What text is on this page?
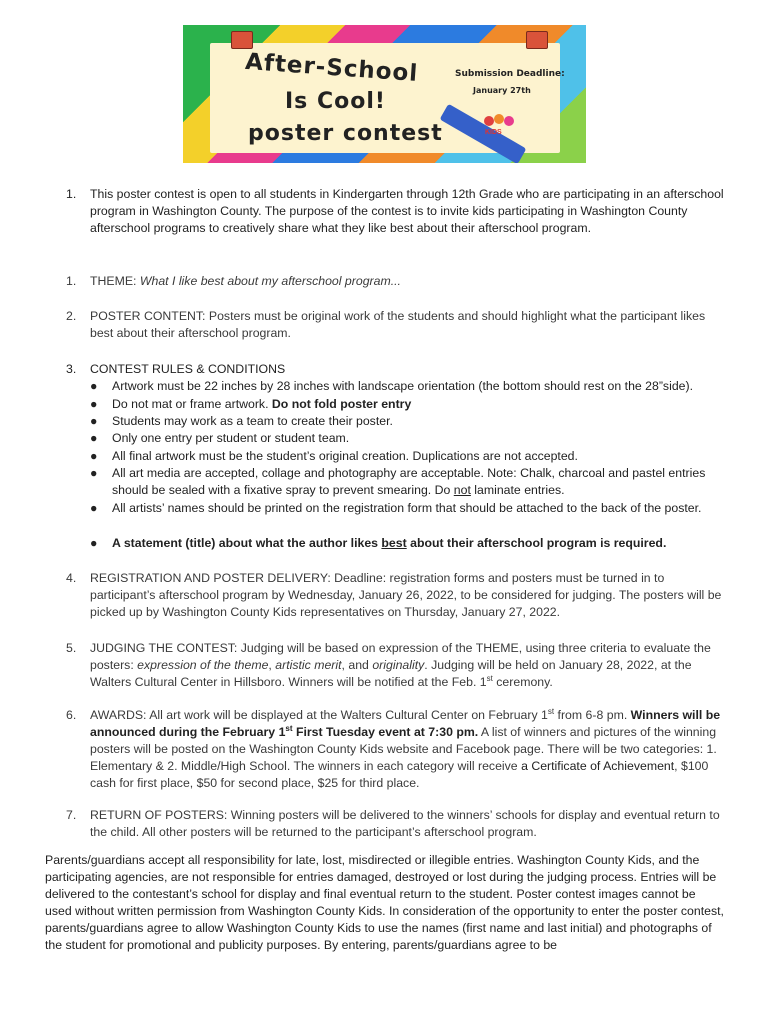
After-School
Is Cool!
poster contest
Submission Deadline:
January 27th
KIDS
1. This poster contest is open to all students in Kindergarten through 12th Grade who are participating in an afterschool program in Washington County. The purpose of the contest is to invite kids participating in Washington County afterschool programs to creatively share what they like best about their afterschool program.
1. THEME: What I like best about my afterschool program...
2. POSTER CONTENT: Posters must be original work of the students and should highlight what the participant likes best about their afterschool program.
3. CONTEST RULES & CONDITIONS
● Artwork must be 22 inches by 28 inches with landscape orientation (the bottom should rest on the 28”side).
● Do not mat or frame artwork. Do not fold poster entry
● Students may work as a team to create their poster.
● Only one entry per student or student team.
● All final artwork must be the student’s original creation. Duplications are not accepted.
● All art media are accepted, collage and photography are acceptable. Note: Chalk, charcoal and pastel entries should be sealed with a fixative spray to prevent smearing. Do not laminate entries.
● All artists’ names should be printed on the registration form that should be attached to the back of the poster.
● A statement (title) about what the author likes best about their afterschool program is required.
4. REGISTRATION AND POSTER DELIVERY: Deadline: registration forms and posters must be turned in to participant’s afterschool program by Wednesday, January 26, 2022, to be considered for judging. The posters will be picked up by Washington County Kids representatives on Thursday, January 27, 2022.
5. JUDGING THE CONTEST: Judging will be based on expression of the THEME, using three criteria to evaluate the posters: expression of the theme, artistic merit, and originality. Judging will be held on January 28, 2022, at the Walters Cultural Center in Hillsboro. Winners will be notified at the Feb. 1st ceremony.
6. AWARDS: All art work will be displayed at the Walters Cultural Center on February 1st from 6-8 pm. Winners will be announced during the February 1st First Tuesday event at 7:30 pm. A list of winners and pictures of the winning posters will be posted on the Washington County Kids website and Facebook page. There will be two categories: 1. Elementary & 2. Middle/High School. The winners in each category will receive a Certificate of Achievement, $100 cash for first place, $50 for second place, $25 for third place.
7. RETURN OF POSTERS: Winning posters will be delivered to the winners’ schools for display and eventual return to the child. All other posters will be returned to the participant’s afterschool program.
Parents/guardians accept all responsibility for late, lost, misdirected or illegible entries. Washington County Kids, and the participating agencies, are not responsible for entries damaged, destroyed or lost during the judging process. Entries will be delivered to the contestant’s school for display and final eventual return to the student. Poster contest images cannot be used without written permission from Washington County Kids. In consideration of the opportunity to enter the poster contest, parents/guardians agree to allow Washington County Kids to use the names (first name and last initial) and photographs of the student for promotional and publicity purposes. By entering, parents/guardians agree to be
